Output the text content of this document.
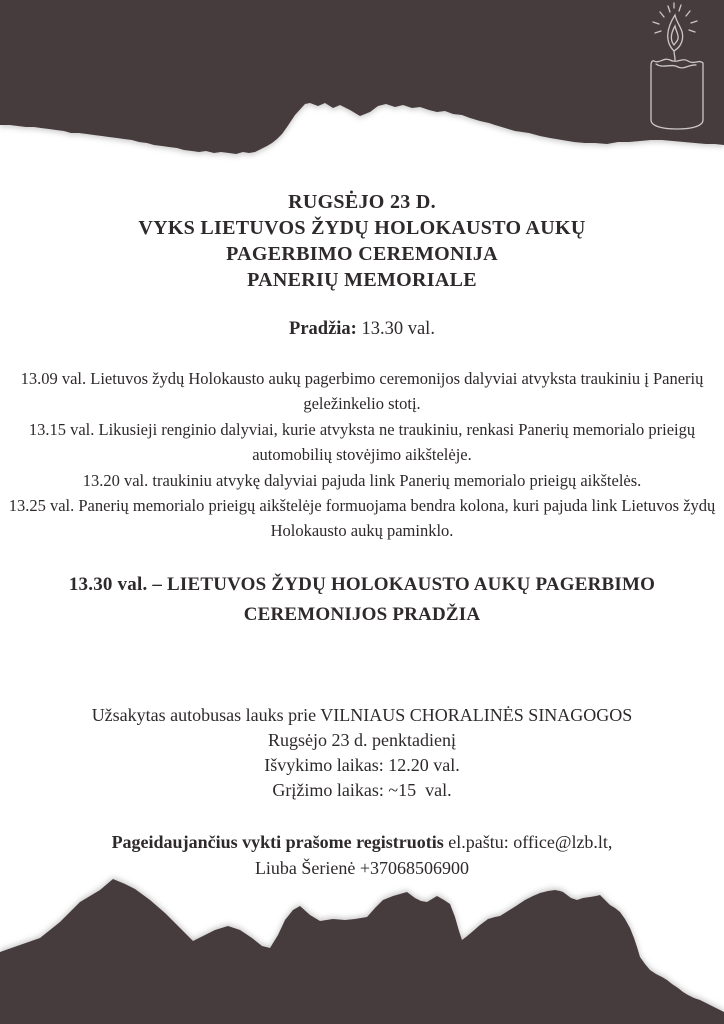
RUGSĖJO 23 D.
VYKS LIETUVOS ŽYDŲ HOLOKAUSTO AUKŲ
PAGERBIMO CEREMONIJA
PANERIŲ MEMORIALE
Pradžia: 13.30 val.
13.09 val. Lietuvos žydų Holokausto aukų pagerbimo ceremonijos dalyviai atvyksta traukiniu į Panerių geležinkelio stotį.
13.15 val. Likusieji renginio dalyviai, kurie atvyksta ne traukiniu, renkasi Panerių memorialo prieigų automobilių stovėjimo aikštelėje.
13.20 val. traukiniu atvykę dalyviai pajuda link Panerių memorialo prieigų aikštelės.
13.25 val. Panerių memorialo prieigų aikštelėje formuojama bendra kolona, kuri pajuda link Lietuvos žydų Holokausto aukų paminklo.
13.30 val. – LIETUVOS ŽYDŲ HOLOKAUSTO AUKŲ PAGERBIMO CEREMONIJOS PRADŽIA
Užsakytas autobusas lauks prie VILNIAUS CHORALINĖS SINAGOGOS
Rugsėjo 23 d. penktadienį
Išvykimo laikas: 12.20 val.
Grįžimo laikas: ~15  val.
Pageidaujančius vykti prašome registruotis el.paštu: office@lzb.lt,
Liuba Šerienė +37068506900
